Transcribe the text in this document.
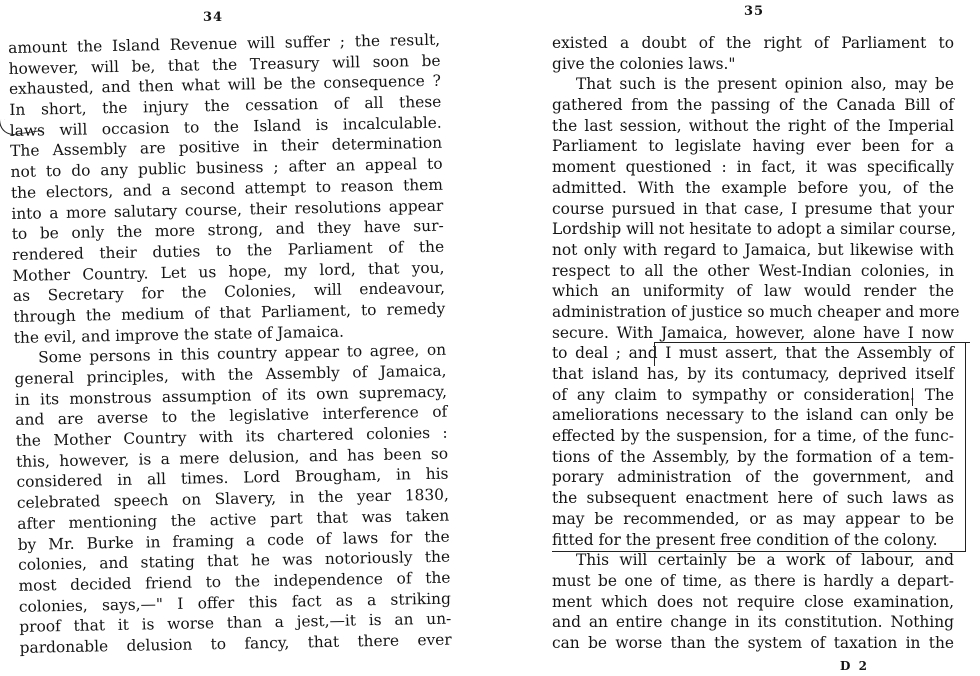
34
amount the Island Revenue will suffer ; the result,
however, will be, that the Treasury will soon be
exhausted, and then what will be the consequence ?
In short, the injury the cessation of all these
laws will occasion to the Island is incalculable.
The Assembly are positive in their determination
not to do any public business ; after an appeal to
the electors, and a second attempt to reason them
into a more salutary course, their resolutions appear
to be only the more strong, and they have sur-
rendered their duties to the Parliament of the
Mother Country. Let us hope, my lord, that you,
as Secretary for the Colonies, will endeavour,
through the medium of that Parliament, to remedy
the evil, and improve the state of Jamaica.
Some persons in this country appear to agree, on
general principles, with the Assembly of Jamaica,
in its monstrous assumption of its own supremacy,
and are averse to the legislative interference of
the Mother Country with its chartered colonies :
this, however, is a mere delusion, and has been so
considered in all times. Lord Brougham, in his
celebrated speech on Slavery, in the year 1830,
after mentioning the active part that was taken
by Mr. Burke in framing a code of laws for the
colonies, and stating that he was notoriously the
most decided friend to the independence of the
colonies, says,—" I offer this fact as a striking
proof that it is worse than a jest,—it is an un-
pardonable delusion to fancy, that there ever
35
existed a doubt of the right of Parliament to
give the colonies laws."
That such is the present opinion also, may be
gathered from the passing of the Canada Bill of
the last session, without the right of the Imperial
Parliament to legislate having ever been for a
moment questioned : in fact, it was specifically
admitted. With the example before you, of the
course pursued in that case, I presume that your
Lordship will not hesitate to adopt a similar course,
not only with regard to Jamaica, but likewise with
respect to all the other West-Indian colonies, in
which an uniformity of law would render the
administration of justice so much cheaper and more
secure. With Jamaica, however, alone have I now
to deal ; and I must assert, that the Assembly of
that island has, by its contumacy, deprived itself
of any claim to sympathy or consideration. The
ameliorations necessary to the island can only be
effected by the suspension, for a time, of the func-
tions of the Assembly, by the formation of a tem-
porary administration of the government, and
the subsequent enactment here of such laws as
may be recommended, or as may appear to be
fitted for the present free condition of the colony.
This will certainly be a work of labour, and
must be one of time, as there is hardly a depart-
ment which does not require close examination,
and an entire change in its constitution. Nothing
can be worse than the system of taxation in the
D 2
